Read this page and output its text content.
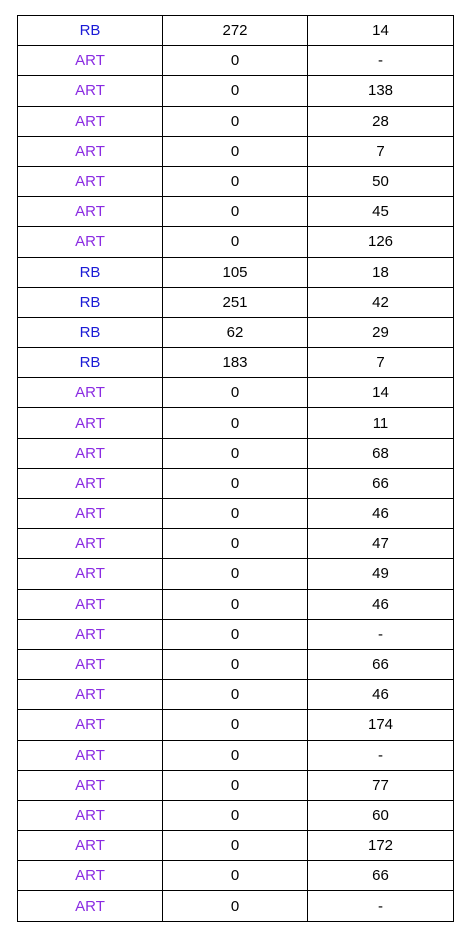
RB	272	14
ART	0	-
ART	0	138
ART	0	28
ART	0	7
ART	0	50
ART	0	45
ART	0	126
RB	105	18
RB	251	42
RB	62	29
RB	183	7
ART	0	14
ART	0	11
ART	0	68
ART	0	66
ART	0	46
ART	0	47
ART	0	49
ART	0	46
ART	0	-
ART	0	66
ART	0	46
ART	0	174
ART	0	-
ART	0	77
ART	0	60
ART	0	172
ART	0	66
ART	0	-
